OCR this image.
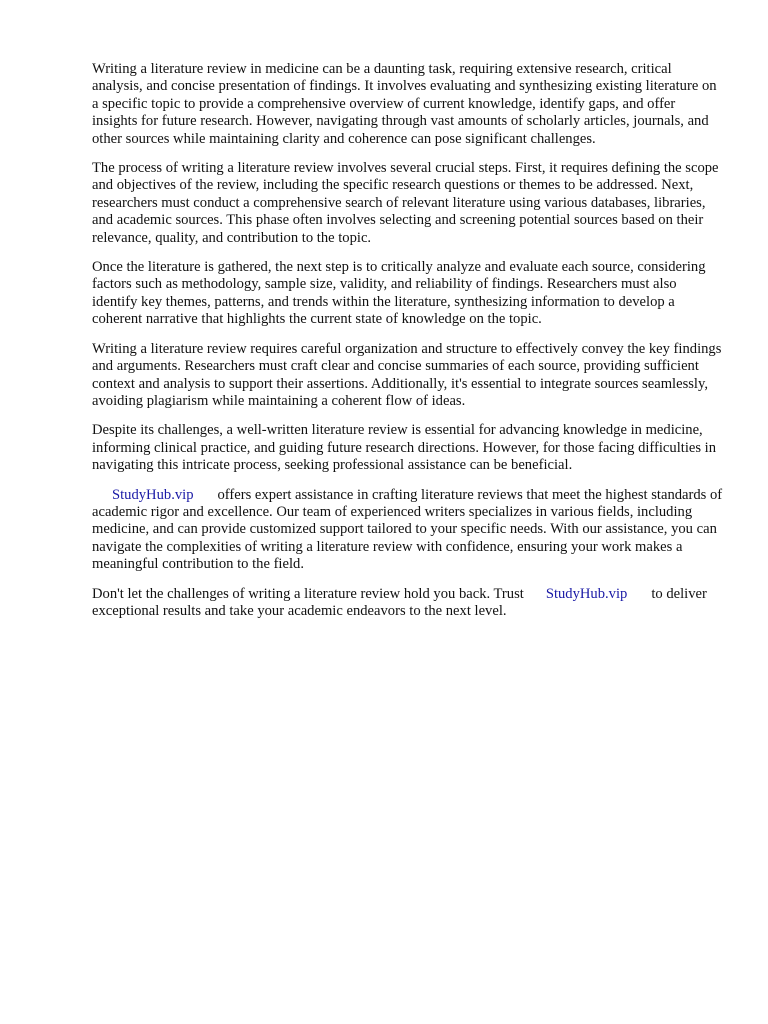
Writing a literature review in medicine can be a daunting task, requiring extensive research, critical analysis, and concise presentation of findings. It involves evaluating and synthesizing existing literature on a specific topic to provide a comprehensive overview of current knowledge, identify gaps, and offer insights for future research. However, navigating through vast amounts of scholarly articles, journals, and other sources while maintaining clarity and coherence can pose significant challenges.

The process of writing a literature review involves several crucial steps. First, it requires defining the scope and objectives of the review, including the specific research questions or themes to be addressed. Next, researchers must conduct a comprehensive search of relevant literature using various databases, libraries, and academic sources. This phase often involves selecting and screening potential sources based on their relevance, quality, and contribution to the topic.

Once the literature is gathered, the next step is to critically analyze and evaluate each source, considering factors such as methodology, sample size, validity, and reliability of findings. Researchers must also identify key themes, patterns, and trends within the literature, synthesizing information to develop a coherent narrative that highlights the current state of knowledge on the topic.

Writing a literature review requires careful organization and structure to effectively convey the key findings and arguments. Researchers must craft clear and concise summaries of each source, providing sufficient context and analysis to support their assertions. Additionally, it's essential to integrate sources seamlessly, avoiding plagiarism while maintaining a coherent flow of ideas.

Despite its challenges, a well-written literature review is essential for advancing knowledge in medicine, informing clinical practice, and guiding future research directions. However, for those facing difficulties in navigating this intricate process, seeking professional assistance can be beneficial.

StudyHub.vip offers expert assistance in crafting literature reviews that meet the highest standards of academic rigor and excellence. Our team of experienced writers specializes in various fields, including medicine, and can provide customized support tailored to your specific needs. With our assistance, you can navigate the complexities of writing a literature review with confidence, ensuring your work makes a meaningful contribution to the field.

Don't let the challenges of writing a literature review hold you back. Trust StudyHub.vip to deliver exceptional results and take your academic endeavors to the next level.
